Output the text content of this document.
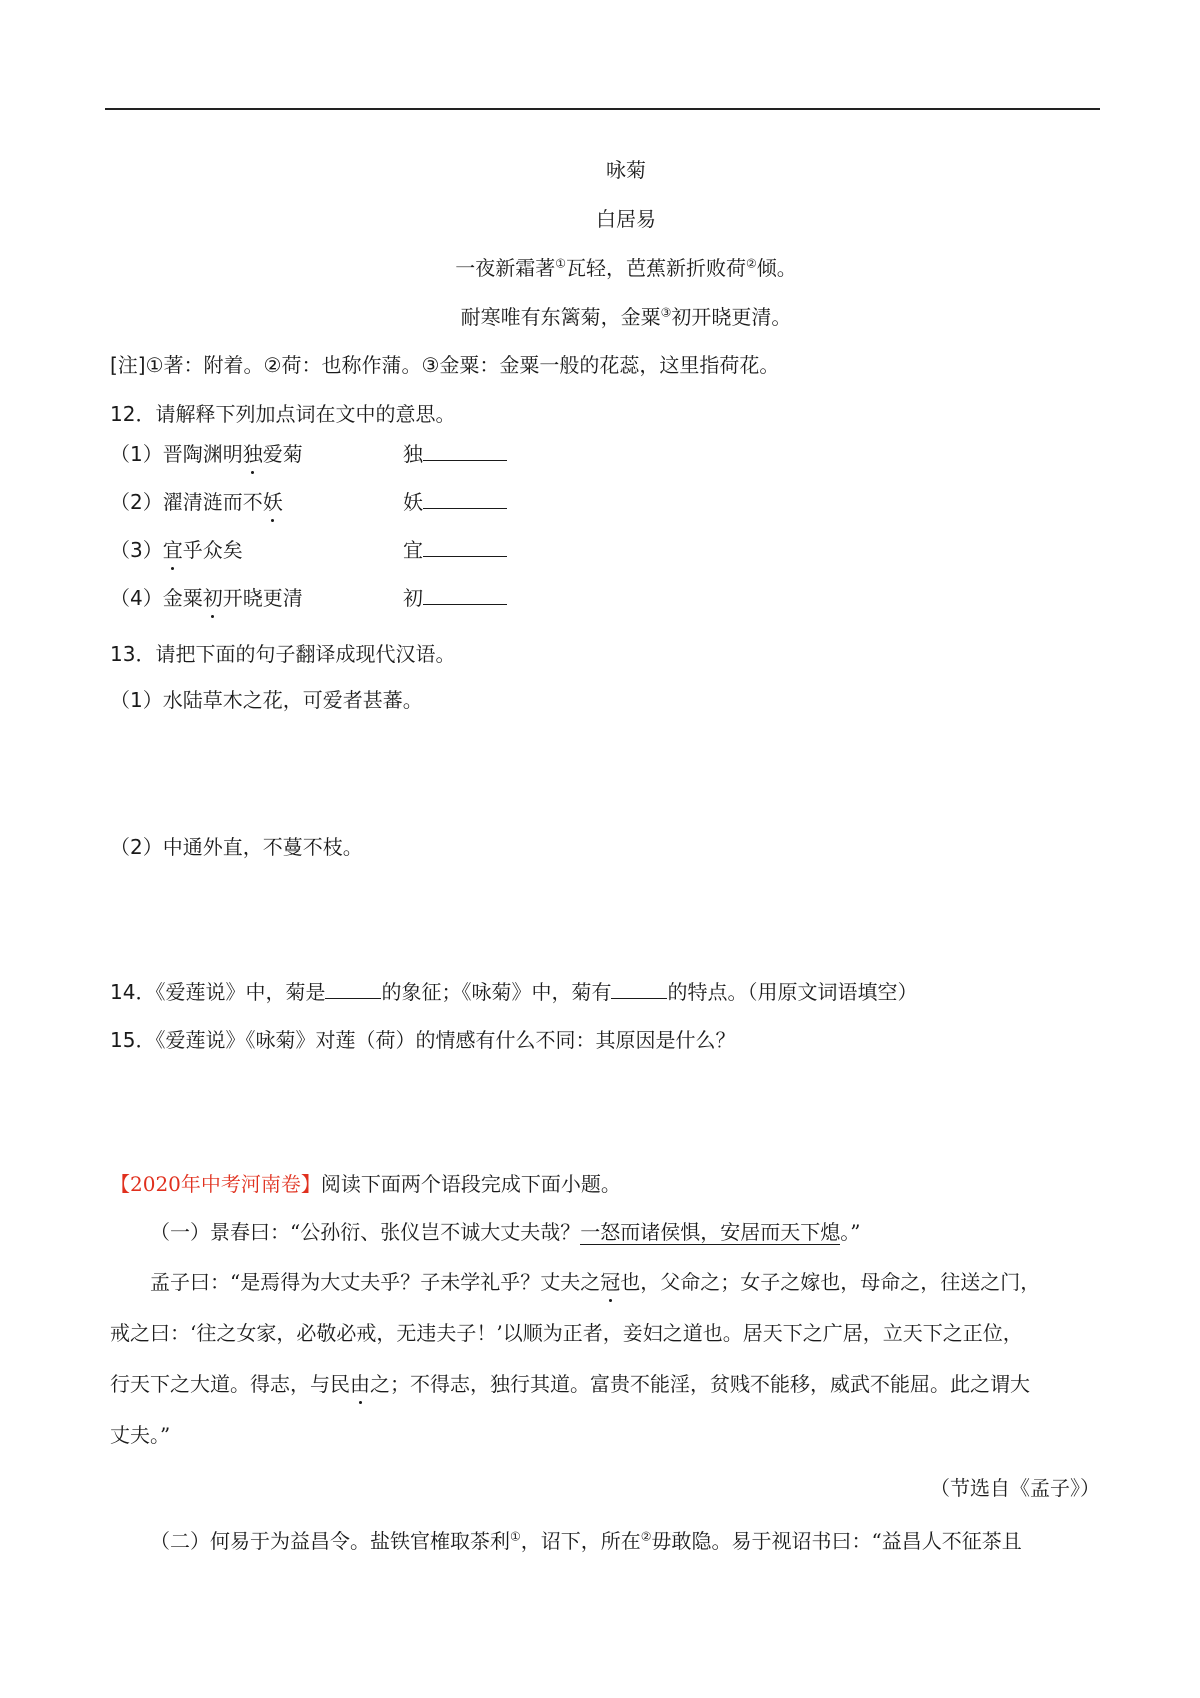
咏菊
白居易
一夜新霜著①瓦轻，芭蕉新折败荷②倾。
耐寒唯有东篱菊，金粟③初开晓更清。
[注]①著：附着。②荷：也称作蒲。③金粟：金粟一般的花蕊，这里指荷花。
12．请解释下列加点词在文中的意思。
（1）晋陶渊明独爱菊	独
（2）濯清涟而不妖	妖
（3）宜乎众矣	宜
（4）金粟初开晓更清	初
13．请把下面的句子翻译成现代汉语。
（1）水陆草木之花，可爱者甚蕃。
（2）中通外直，不蔓不枝。
14．《爱莲说》中，菊是	的象征；《咏菊》中，菊有	的特点。（用原文词语填空）
15．《爱莲说》《咏菊》对莲（荷）的情感有什么不同：其原因是什么？
【2020年中考河南卷】阅读下面两个语段完成下面小题。
（一）景春曰：“公孙衍、张仪岂不诚大丈夫哉？一怒而诸侯惧，安居而天下熄。”
孟子曰：“是焉得为大丈夫乎？子未学礼乎？丈夫之冠也，父命之；女子之嫁也，母命之，往送之门，
戒之曰：‘往之女家，必敬必戒，无违夫子！’以顺为正者，妾妇之道也。居天下之广居，立天下之正位，
行天下之大道。得志，与民由之；不得志，独行其道。富贵不能淫，贫贱不能移，威武不能屈。此之谓大
丈夫。”
（节选自《孟子》）
（二）何易于为益昌令。盐铁官榷取茶利①，诏下，所在②毋敢隐。易于视诏书曰：“益昌人不征茶且
